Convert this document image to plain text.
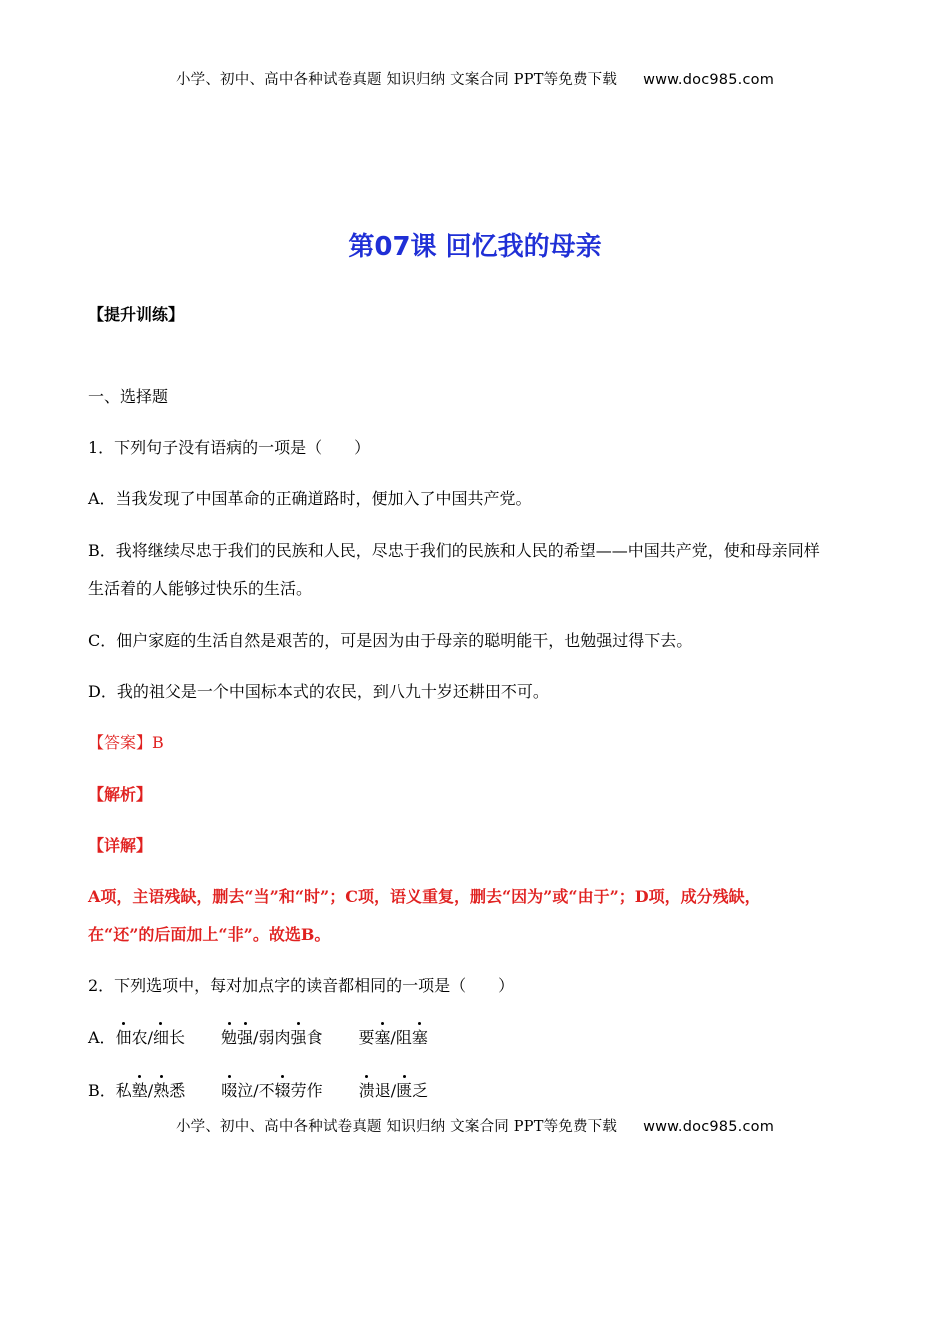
小学、初中、高中各种试卷真题 知识归纳 文案合同 PPT等免费下载 www.doc985.com
第07课 回忆我的母亲
【提升训练】
一、选择题
1．下列句子没有语病的一项是（　　）
A．当我发现了中国革命的正确道路时，便加入了中国共产党。
B．我将继续尽忠于我们的民族和人民，尽忠于我们的民族和人民的希望——中国共产党，使和母亲同样
生活着的人能够过快乐的生活。
C．佃户家庭的生活自然是艰苦的，可是因为由于母亲的聪明能干，也勉强过得下去。
D．我的祖父是一个中国标本式的农民，到八九十岁还耕田不可。
【答案】B
【解析】
【详解】
A项，主语残缺，删去“当”和“时”；C项，语义重复，删去“因为”或“由于”；D项，成分残缺，
在“还”的后面加上“非”。故选B。
2．下列选项中，每对加点字的读音都相同的一项是（　　）
A．佃农/细长 勉强/弱肉强食 要塞/阻塞
B．私塾/熟悉 啜泣/不辍劳作 溃退/匮乏
小学、初中、高中各种试卷真题 知识归纳 文案合同 PPT等免费下载 www.doc985.com
